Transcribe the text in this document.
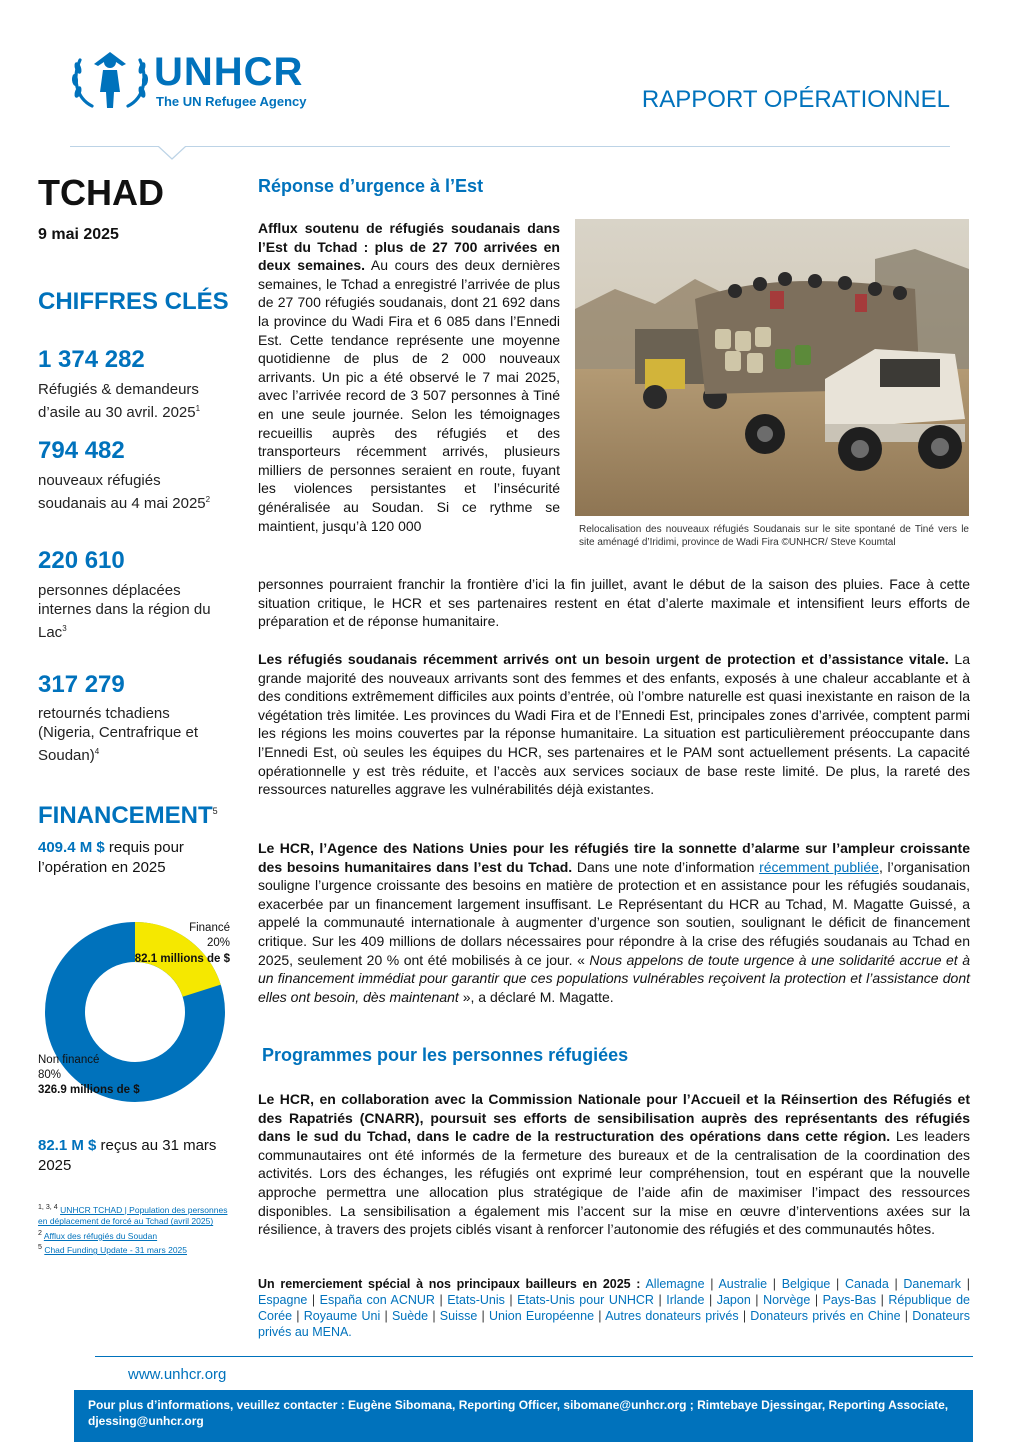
UNHCR
The UN Refugee Agency	RAPPORT OPÉRATIONNEL
TCHAD
9 mai 2025
CHIFFRES CLÉS
1 374 282
Réfugiés & demandeurs d’asile au 30 avril. 2025$^1$
794 482
nouveaux réfugiés soudanais au 4 mai 2025$^2$
220 610
personnes déplacées internes dans la région du Lac$^3$
317 279
retournés tchadiens (Nigeria, Centrafrique et Soudan)$^4$
FINANCEMENT$^5$
409.4 M $ requis pour l’opération en 2025
Financé
20%
82.1 millions de $
Non financé
80%
326.9 millions de $
82.1 M $ reçus au 31 mars 2025
$^{1, 3, 4}$ UNHCR TCHAD | Population des personnes en déplacement de forcé au Tchad (avril 2025)
$^2$ Afflux des réfugiés du Soudan
$^5$ Chad Funding Update - 31 mars 2025
Réponse d’urgence à l’Est
Afflux soutenu de réfugiés soudanais dans l’Est du Tchad : plus de 27 700 arrivées en deux semaines. Au cours des deux dernières semaines, le Tchad a enregistré l’arrivée de plus de 27 700 réfugiés soudanais, dont 21 692 dans la province du Wadi Fira et 6 085 dans l’Ennedi Est. Cette tendance représente une moyenne quotidienne de plus de 2 000 nouveaux arrivants. Un pic a été observé le 7 mai 2025, avec l’arrivée record de 3 507 personnes à Tiné en une seule journée. Selon les témoignages recueillis auprès des réfugiés et des transporteurs récemment arrivés, plusieurs milliers de personnes seraient en route, fuyant les violences persistantes et l’insécurité généralisée au Soudan. Si ce rythme se maintient, jusqu’à 120 000	Relocalisation des nouveaux réfugiés Soudanais sur le site spontané de Tiné vers le site aménagé d’Iridimi, province de Wadi Fira ©UNHCR/ Steve Koumtal
personnes pourraient franchir la frontière d’ici la fin juillet, avant le début de la saison des pluies. Face à cette situation critique, le HCR et ses partenaires restent en état d’alerte maximale et intensifient leurs efforts de préparation et de réponse humanitaire.
Les réfugiés soudanais récemment arrivés ont un besoin urgent de protection et d’assistance vitale. La grande majorité des nouveaux arrivants sont des femmes et des enfants, exposés à une chaleur accablante et à des conditions extrêmement difficiles aux points d’entrée, où l’ombre naturelle est quasi inexistante en raison de la végétation très limitée. Les provinces du Wadi Fira et de l’Ennedi Est, principales zones d’arrivée, comptent parmi les régions les moins couvertes par la réponse humanitaire. La situation est particulièrement préoccupante dans l’Ennedi Est, où seules les équipes du HCR, ses partenaires et le PAM sont actuellement présents. La capacité opérationnelle y est très réduite, et l’accès aux services sociaux de base reste limité. De plus, la rareté des ressources naturelles aggrave les vulnérabilités déjà existantes.
Le HCR, l’Agence des Nations Unies pour les réfugiés tire la sonnette d’alarme sur l’ampleur croissante des besoins humanitaires dans l’est du Tchad. Dans une note d’information récemment publiée, l’organisation souligne l’urgence croissante des besoins en matière de protection et en assistance pour les réfugiés soudanais, exacerbée par un financement largement insuffisant. Le Représentant du HCR au Tchad, M. Magatte Guissé, a appelé la communauté internationale à augmenter d’urgence son soutien, soulignant le déficit de financement critique. Sur les 409 millions de dollars nécessaires pour répondre à la crise des réfugiés soudanais au Tchad en 2025, seulement 20 % ont été mobilisés à ce jour. « Nous appelons de toute urgence à une solidarité accrue et à un financement immédiat pour garantir que ces populations vulnérables reçoivent la protection et l’assistance dont elles ont besoin, dès maintenant », a déclaré M. Magatte.
Programmes pour les personnes réfugiées
Le HCR, en collaboration avec la Commission Nationale pour l’Accueil et la Réinsertion des Réfugiés et des Rapatriés (CNARR), poursuit ses efforts de sensibilisation auprès des représentants des réfugiés dans le sud du Tchad, dans le cadre de la restructuration des opérations dans cette région. Les leaders communautaires ont été informés de la fermeture des bureaux et de la centralisation de la coordination des activités. Lors des échanges, les réfugiés ont exprimé leur compréhension, tout en espérant que la nouvelle approche permettra une allocation plus stratégique de l’aide afin de maximiser l’impact des ressources disponibles. La sensibilisation a également mis l’accent sur la mise en œuvre d’interventions axées sur la résilience, à travers des projets ciblés visant à renforcer l’autonomie des réfugiés et des communautés hôtes.
Un remerciement spécial à nos principaux bailleurs en 2025 : Allemagne | Australie | Belgique | Canada | Danemark | Espagne | España con ACNUR | Etats-Unis | Etats-Unis pour UNHCR | Irlande | Japon | Norvège | Pays-Bas | République de Corée | Royaume Uni | Suède | Suisse | Union Européenne | Autres donateurs privés | Donateurs privés en Chine | Donateurs privés au MENA.
www.unhcr.org
Pour plus d’informations, veuillez contacter : Eugène Sibomana, Reporting Officer, sibomane@unhcr.org ; Rimtebaye Djessingar, Reporting Associate, djessing@unhcr.org
